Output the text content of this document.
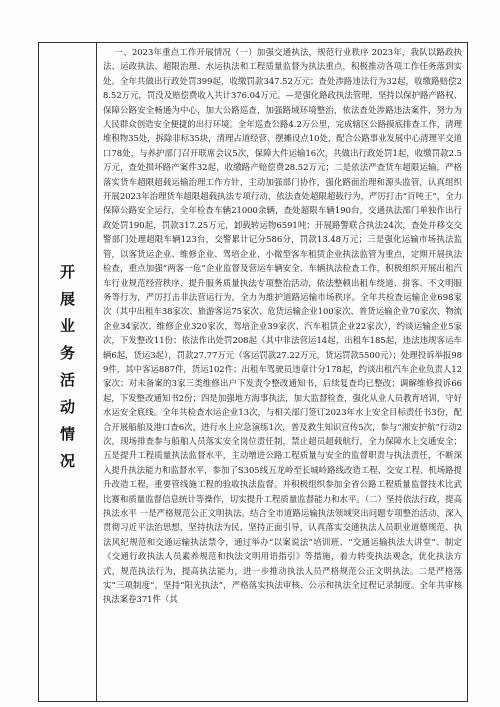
开展业务活动情况

一、2023年重点工作开展情况（一）加强交通执法，规范行业秩序 2023年，我队以路政执法、运政执法、超限治理、水运执法和工程质量监督为执法重点，积极推动各项工作任务落到实处。全年共做出行政处罚399起，收缴罚款347.52万元；查处涉路违法行为32起，收缴路赔偿28.52万元，罚没及赔偿费收入共计376.04万元。—是强化路政执法管理，坚持以保护路产路权、保障公路安全畅通为中心，加大公路巡查，加强路域环境整治，依法查处涉路违法案件，努力为人民群众创造安全便捷的出行环境。全年巡查公路4.2万公里，完成辖区公路摸底排查工作，清理堆积物35处，拆除非标35块，清理占道经营、摆摊设点10处，配合公路事业发展中心清理平交道口78处，与养护部门召开联席会议5次，保障大件运输16次，共做出行政处罚1起，收缴罚款2.5万元，查处损坏路产案件32起，收缴路产赔偿费28.52万元；二是依法严查货车超限运输，严格落实货车超限超载运输治理工作方针，主动加强部门协作，强化路面治理和源头监管，认真组织开展2023年治理货车超限超载执法专项行动，依法查处超限超载行为，严厉打击“百吨王”，全力保障公路安全运行，全年检查车辆21000余辆，查处超限车辆190台，交通执法部门单独作出行政处罚190起，罚款317.25万元，卸载转运物6591吨；开展路警联合执法24次，查处并移交交警部门处理超限车辆123台，交警累计记分586分，罚款13.48万元；三是强化运输市场执法监管，以客货运企业、维修企业、驾培企业、小微型客车租赁企业执法监管为重点，定期开展执法检查，重点加强“两客一危”企业监督及营运车辆安全、车辆执法检查工作，积极组织开展出租汽车行业规范经营秩序、提升服务质量执法专项整治活动，依法整顿出租车绕道、拼客、不文明服务等行为，严厉打击非法营运行为，全力为维护道路运输市场秩序。全年共检查运输企业698家次（其中出租车38家次、旅游客运75家次、危货运输企业100家次、普货运输企业70家次、物流企业34家次、维修企业320家次，驾培企业39家次、汽车租赁企业22家次），约谈运输企业5家次，下发整改11份；依法作出处罚208起（其中非法营运14起，出租车185起，违法违规客运车辆6起，货运3起），罚款27.77万元（客运罚款27.22万元，货运罚款5500元）；处理投诉举报989件，其中客运887件，货运102件；出租车驾驶员违章计分178起，约谈出租汽车企业负责人12家次；对未备案的3家三类维修出户下发责令整改通知书，后续复查均已整改；调解维修投诉66起，下发整改通知书2份；四是加强地方海事执法，加大监督检查，强化从业人员教育培训，守好水运安全底线。全年共检查水运企业13次，与相关部门签订2023年水上安全目标责任书3份，配合开展船舶及港口查6次，进行水上应急演练1次，普及救生知识宣传5次，参与“湘安护航”行动2次，现场排查参与船舶人员落实安全岗位责任制，禁止超员超载航行，全力保障水上交通安全；五是提升工程质量执法监督水平，主动增进公路工程质量与安全的监督职责与执法责任，不断深入提升执法能力和监督水平，参加了S305线五龙岭至长城岭路线改造工程、交安工程、机场路提升改造工程，重要管线施工程的验收执法监督。并积极组织参加全省公路工程质量监督技术比武比赛和质量监督信息统计等操作，切实提升工程质量监督能力和水平。（二）坚持依法行政，提高执法水平 一是严格规范公正文明执法。结合全市道路运输执法领域突出问题专项整治活动，深入贯彻习近平法治思想，坚持执法为民，坚持正面引导，认真落实交通执法人员职业道德规范、执法风纪规范和交通运输执法禁令，通过举办“以案说法”培训班、“交通运输执法大讲堂”、制定《交通行政执法人员素养规范和执法文明用语指引》等措施，着力转变执法观念，优化执法方式，规范执法行为，提高执法能力，进一步推动执法人员严格规范公正文明执法。二是严格落实“三项制度”，坚持“阳光执法”，严格落实执法审核、公示和执法全过程记录制度。全年共审核执法案卷371件（其
